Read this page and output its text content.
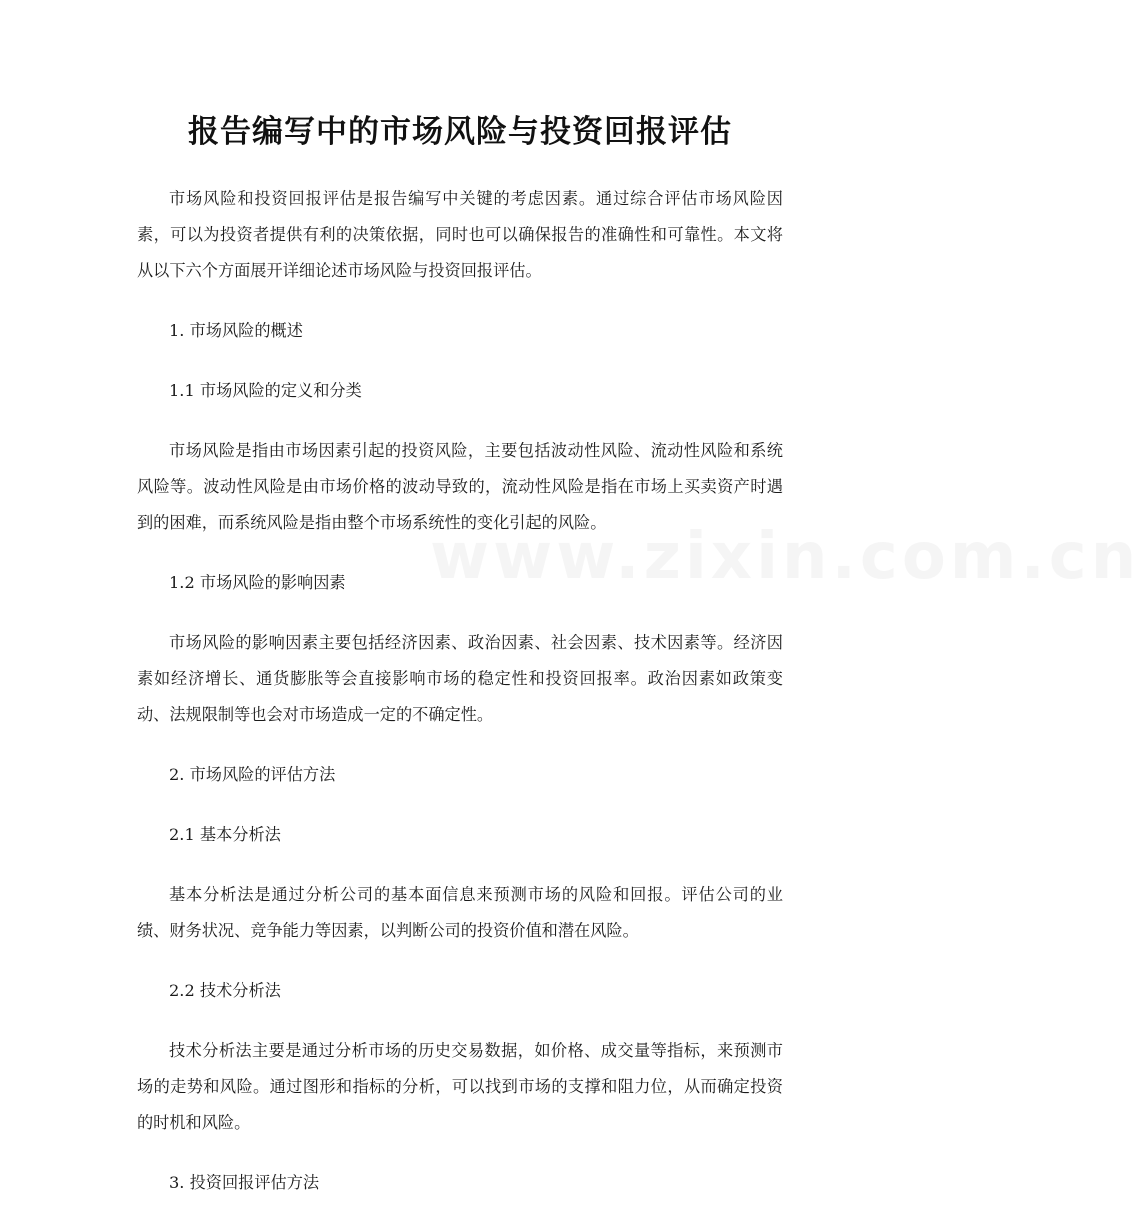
报告编写中的市场风险与投资回报评估
www.zixin.com.cn

市场风险和投资回报评估是报告编写中关键的考虑因素。通过综合评估市场风险因素，可以为投资者提供有利的决策依据，同时也可以确保报告的准确性和可靠性。本文将从以下六个方面展开详细论述市场风险与投资回报评估。

1. 市场风险的概述

1.1 市场风险的定义和分类

市场风险是指由市场因素引起的投资风险，主要包括波动性风险、流动性风险和系统风险等。波动性风险是由市场价格的波动导致的，流动性风险是指在市场上买卖资产时遇到的困难，而系统风险是指由整个市场系统性的变化引起的风险。

1.2 市场风险的影响因素

市场风险的影响因素主要包括经济因素、政治因素、社会因素、技术因素等。经济因素如经济增长、通货膨胀等会直接影响市场的稳定性和投资回报率。政治因素如政策变动、法规限制等也会对市场造成一定的不确定性。

2. 市场风险的评估方法

2.1 基本分析法

基本分析法是通过分析公司的基本面信息来预测市场的风险和回报。评估公司的业绩、财务状况、竞争能力等因素，以判断公司的投资价值和潜在风险。

2.2 技术分析法

技术分析法主要是通过分析市场的历史交易数据，如价格、成交量等指标，来预测市场的走势和风险。通过图形和指标的分析，可以找到市场的支撑和阻力位，从而确定投资的时机和风险。

3. 投资回报评估方法
